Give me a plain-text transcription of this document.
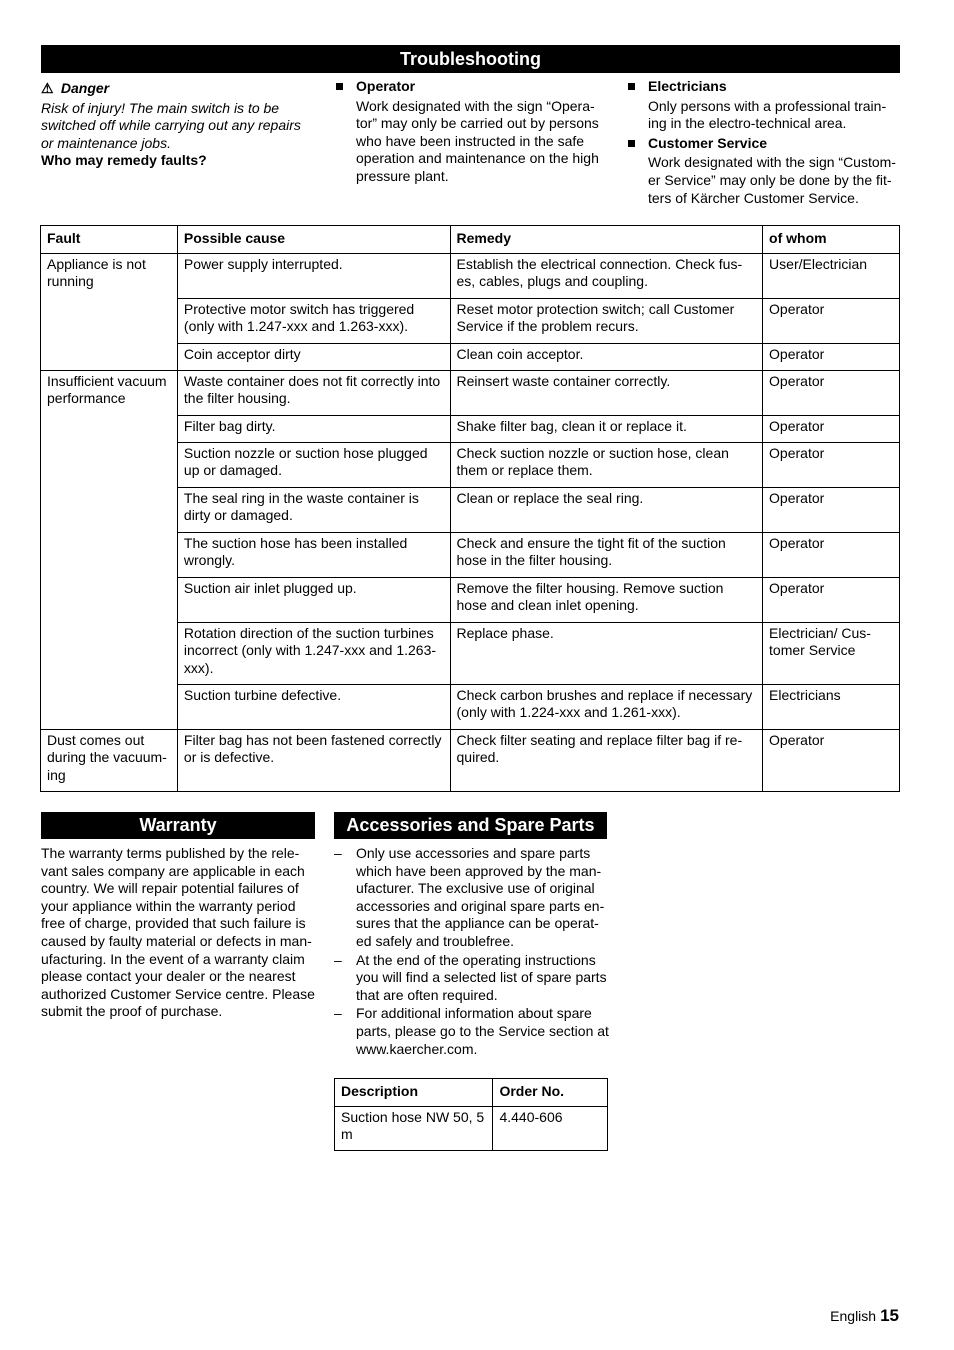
Troubleshooting
⚠ Danger
Risk of injury! The main switch is to be switched off while carrying out any repairs or maintenance jobs.
Who may remedy faults?
Operator
Work designated with the sign “Opera-tor” may only be carried out by persons who have been instructed in the safe operation and maintenance on the high pressure plant.
Electricians
Only persons with a professional train-ing in the electro-technical area.
Customer Service
Work designated with the sign “Custom-er Service” may only be done by the fit-ters of Kärcher Customer Service.
Fault	Possible cause	Remedy	of whom
Appliance is not running	Power supply interrupted.	Establish the electrical connection. Check fus-es, cables, plugs and coupling.	User/Electrician
	Protective motor switch has triggered (only with 1.247-xxx and 1.263-xxx).	Reset motor protection switch; call Customer Service if the problem recurs.	Operator
	Coin acceptor dirty	Clean coin acceptor.	Operator
Insufficient vacuum performance	Waste container does not fit correctly into the filter housing.	Reinsert waste container correctly.	Operator
	Filter bag dirty.	Shake filter bag, clean it or replace it.	Operator
	Suction nozzle or suction hose plugged up or damaged.	Check suction nozzle or suction hose, clean them or replace them.	Operator
	The seal ring in the waste container is dirty or damaged.	Clean or replace the seal ring.	Operator
	The suction hose has been installed wrongly.	Check and ensure the tight fit of the suction hose in the filter housing.	Operator
	Suction air inlet plugged up.	Remove the filter housing. Remove suction hose and clean inlet opening.	Operator
	Rotation direction of the suction turbines incorrect (only with 1.247-xxx and 1.263-xxx).	Replace phase.	Electrician/ Cus-tomer Service
	Suction turbine defective.	Check carbon brushes and replace if necessary (only with 1.224-xxx and 1.261-xxx).	Electricians
Dust comes out during the vacuum-ing	Filter bag has not been fastened correctly or is defective.	Check filter seating and replace filter bag if re-quired.	Operator
Warranty
The warranty terms published by the rele-vant sales company are applicable in each country. We will repair potential failures of your appliance within the warranty period free of charge, provided that such failure is caused by faulty material or defects in man-ufacturing. In the event of a warranty claim please contact your dealer or the nearest authorized Customer Service centre. Please submit the proof of purchase.
Accessories and Spare Parts
– Only use accessories and spare parts which have been approved by the man-ufacturer. The exclusive use of original accessories and original spare parts en-sures that the appliance can be operat-ed safely and troublefree.
– At the end of the operating instructions you will find a selected list of spare parts that are often required.
– For additional information about spare parts, please go to the Service section at www.kaercher.com.
Description	Order No.
Suction hose NW 50, 5 m	4.440-606
English 15
